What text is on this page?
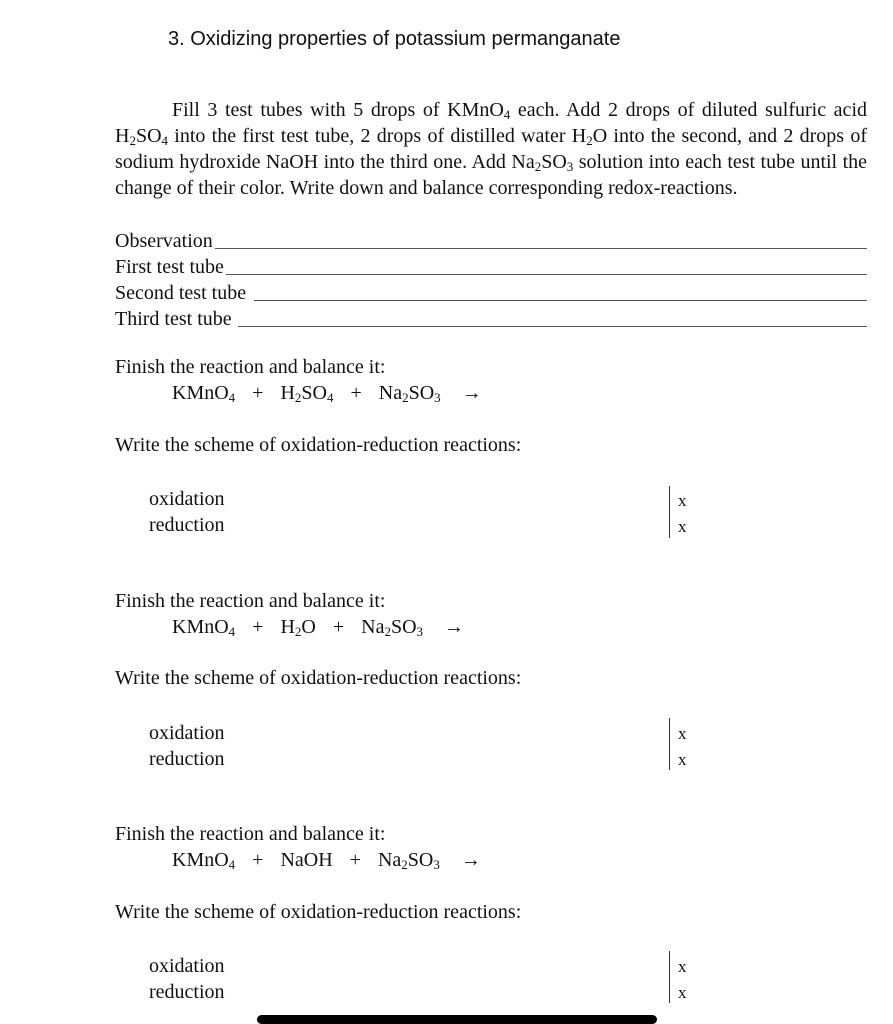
3. Oxidizing properties of potassium permanganate

Fill 3 test tubes with 5 drops of KMnO$_4$ each. Add 2 drops of diluted sulfuric acid $H_2SO_4$ into the first test tube, 2 drops of distilled water $H_2O$ into the second, and 2 drops of sodium hydroxide NaOH into the third one. Add $Na_2SO_3$ solution into each test tube until the change of their color. Write down and balance corresponding redox-reactions.

Observation
First test tube
Second test tube
Third test tube
Finish the reaction and balance it:
KMnO$_4$ + $H_2SO_4 + Na_2SO_3$ →
Write the scheme of oxidation-reduction reactions:
oxidation
reduction
x
x
Finish the reaction and balance it:
KMnO$_4$ + $H_2O + Na_2SO_3$ →
Write the scheme of oxidation-reduction reactions:
oxidation
reduction
x
x
Finish the reaction and balance it:
KMnO$_4$ + NaOH + $Na_2SO_3$ →
Write the scheme of oxidation-reduction reactions:
oxidation
reduction
x
x
